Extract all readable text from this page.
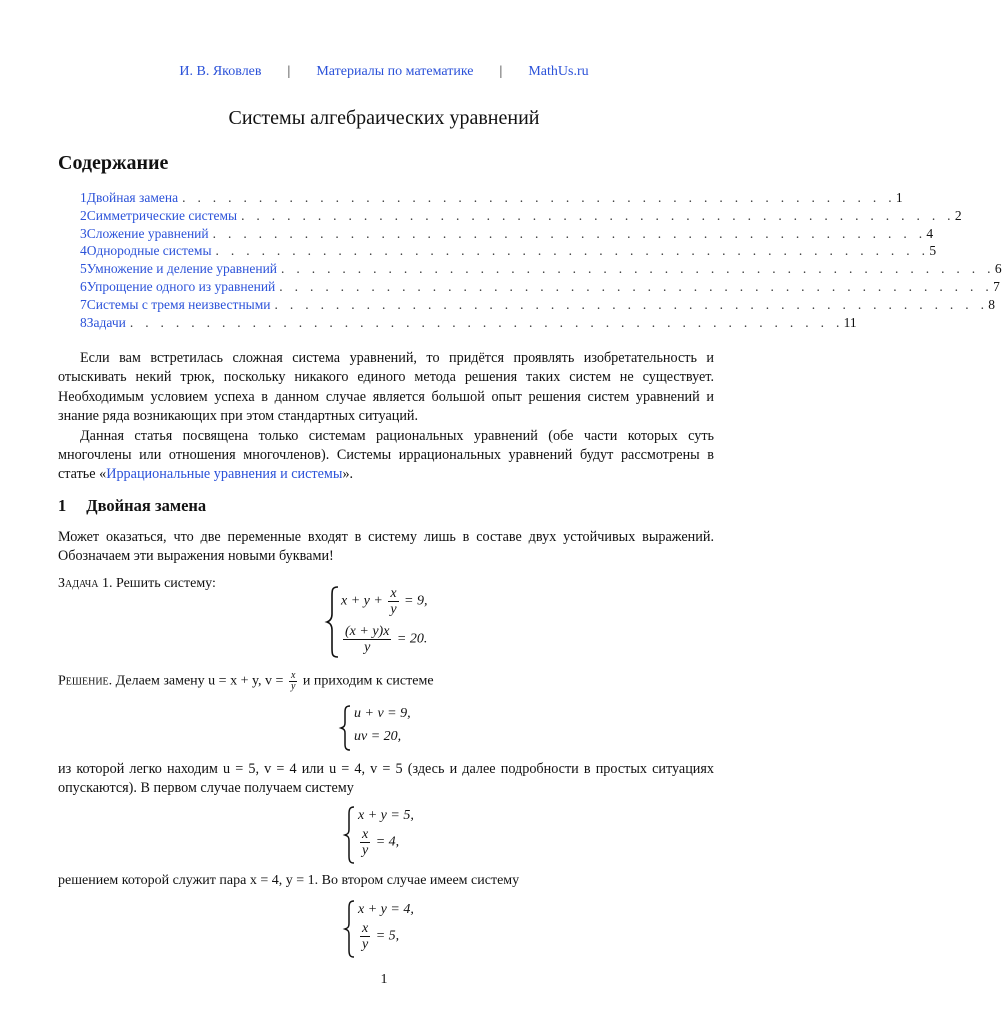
И. В. Яковлев | Материалы по математике | MathUs.ru
Системы алгебраических уравнений
Содержание
1 Двойная замена . . . . . . . . . . . . . . . . . . . . . . . . . . . . . . . . . . . . . . . . . . . . . . . 1
2 Симметрические системы . . . . . . . . . . . . . . . . . . . . . . . . . . . . . . . . . . . . . . . . . . . . . . . 2
3 Сложение уравнений . . . . . . . . . . . . . . . . . . . . . . . . . . . . . . . . . . . . . . . . . . . . . . . 4
4 Однородные системы . . . . . . . . . . . . . . . . . . . . . . . . . . . . . . . . . . . . . . . . . . . . . . . 5
5 Умножение и деление уравнений . . . . . . . . . . . . . . . . . . . . . . . . . . . . . . . . . . . . . . . . . . . . . . . 6
6 Упрощение одного из уравнений . . . . . . . . . . . . . . . . . . . . . . . . . . . . . . . . . . . . . . . . . . . . . . . 7
7 Системы с тремя неизвестными . . . . . . . . . . . . . . . . . . . . . . . . . . . . . . . . . . . . . . . . . . . . . . . 8
8 Задачи . . . . . . . . . . . . . . . . . . . . . . . . . . . . . . . . . . . . . . . . . . . . . . . 11

Если вам встретилась сложная система уравнений, то придётся проявлять изобретательность и отыскивать некий трюк, поскольку никакого единого метода решения таких систем не существует. Необходимым условием успеха в данном случае является большой опыт решения систем уравнений и знание ряда возникающих при этом стандартных ситуаций.

Данная статья посвящена только системам рациональных уравнений (обе части которых суть многочлены или отношения многочленов). Системы иррациональных уравнений будут рассмотрены в статье «Иррациональные уравнения и системы».

1 Двойная замена
Может оказаться, что две переменные входят в систему лишь в составе двух устойчивых выражений. Обозначаем эти выражения новыми буквами!
Задача 1. Решить систему:
$x + y + \frac{x}{y} = 9$,
$\frac{(x + y)x}{y} = 20$.
Решение. Делаем замену u = x + y, $v = \frac{x}{y}$ и приходим к системе
u + v = 9,
uv = 20,
из которой легко находим u = 5, v = 4 или u = 4, v = 5 (здесь и далее подробности в простых ситуациях опускаются). В первом случае получаем систему
x + y = 5,
$\frac{x}{y} = 4$,
решением которой служит пара x = 4, y = 1. Во втором случае имеем систему
x + y = 4,
$\frac{x}{y} = 5$,
1
